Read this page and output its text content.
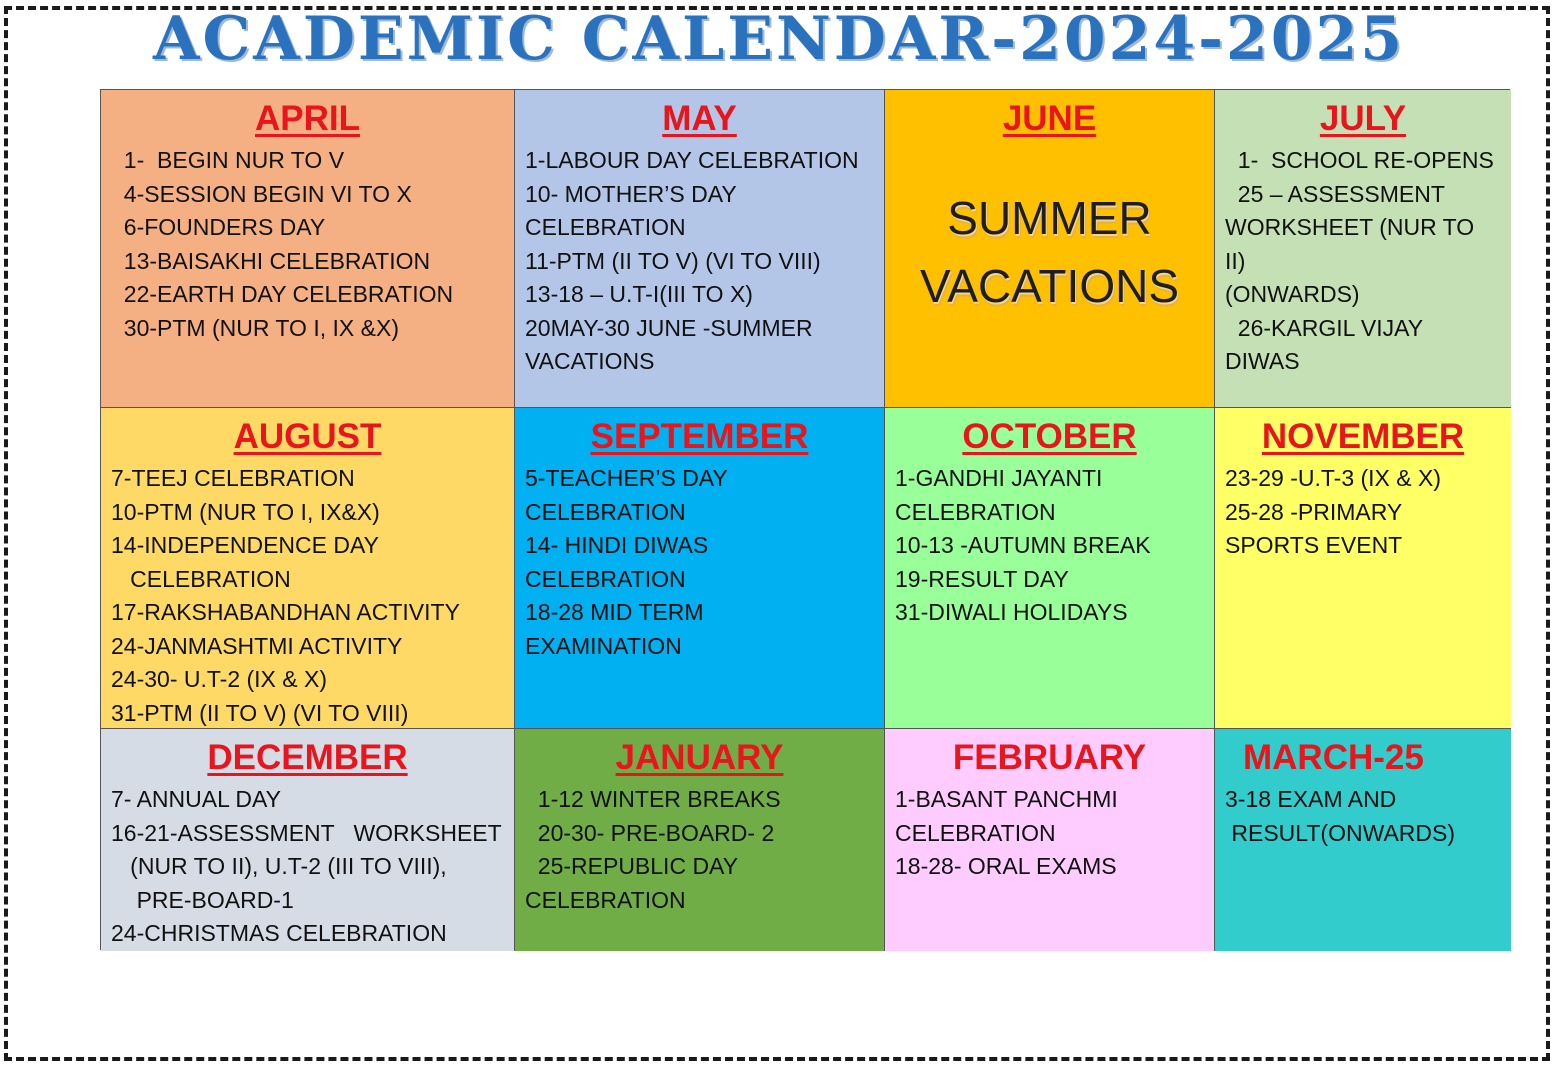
ACADEMIC CALENDAR-2024-2025
APRIL
1-  BEGIN NUR TO V
4-SESSION BEGIN VI TO X
6-FOUNDERS DAY
13-BAISAKHI CELEBRATION
22-EARTH DAY CELEBRATION
30-PTM (NUR TO I, IX &X)
MAY
1-LABOUR DAY CELEBRATION
10- MOTHER’S DAY
CELEBRATION
11-PTM (II TO V) (VI TO VIII)
13-18 – U.T-I(III TO X)
20MAY-30 JUNE -SUMMER
VACATIONS
JUNE
SUMMER
VACATIONS
JULY
1-  SCHOOL RE-OPENS
25 – ASSESSMENT
WORKSHEET (NUR TO II)
(ONWARDS)
26-KARGIL VIJAY DIWAS
AUGUST
7-TEEJ CELEBRATION
10-PTM (NUR TO I, IX&X)
14-INDEPENDENCE DAY
CELEBRATION
17-RAKSHABANDHAN ACTIVITY
24-JANMASHTMI ACTIVITY
24-30- U.T-2 (IX & X)
31-PTM (II TO V) (VI TO VIII)
SEPTEMBER
5-TEACHER’S DAY
CELEBRATION
14- HINDI DIWAS CELEBRATION
18-28 MID TERM
EXAMINATION
OCTOBER
1-GANDHI JAYANTI
CELEBRATION
10-13 -AUTUMN BREAK
19-RESULT DAY
31-DIWALI HOLIDAYS
NOVEMBER
23-29 -U.T-3 (IX & X)
25-28 -PRIMARY
SPORTS EVENT
DECEMBER
7- ANNUAL DAY
16-21-ASSESSMENT   WORKSHEET
(NUR TO II), U.T-2 (III TO VIII),
PRE-BOARD-1
24-CHRISTMAS CELEBRATION
JANUARY
1-12 WINTER BREAKS
20-30- PRE-BOARD- 2
25-REPUBLIC DAY
CELEBRATION
FEBRUARY
1-BASANT PANCHMI
CELEBRATION
18-28- ORAL EXAMS
MARCH-25
3-18 EXAM AND
RESULT(ONWARDS)
